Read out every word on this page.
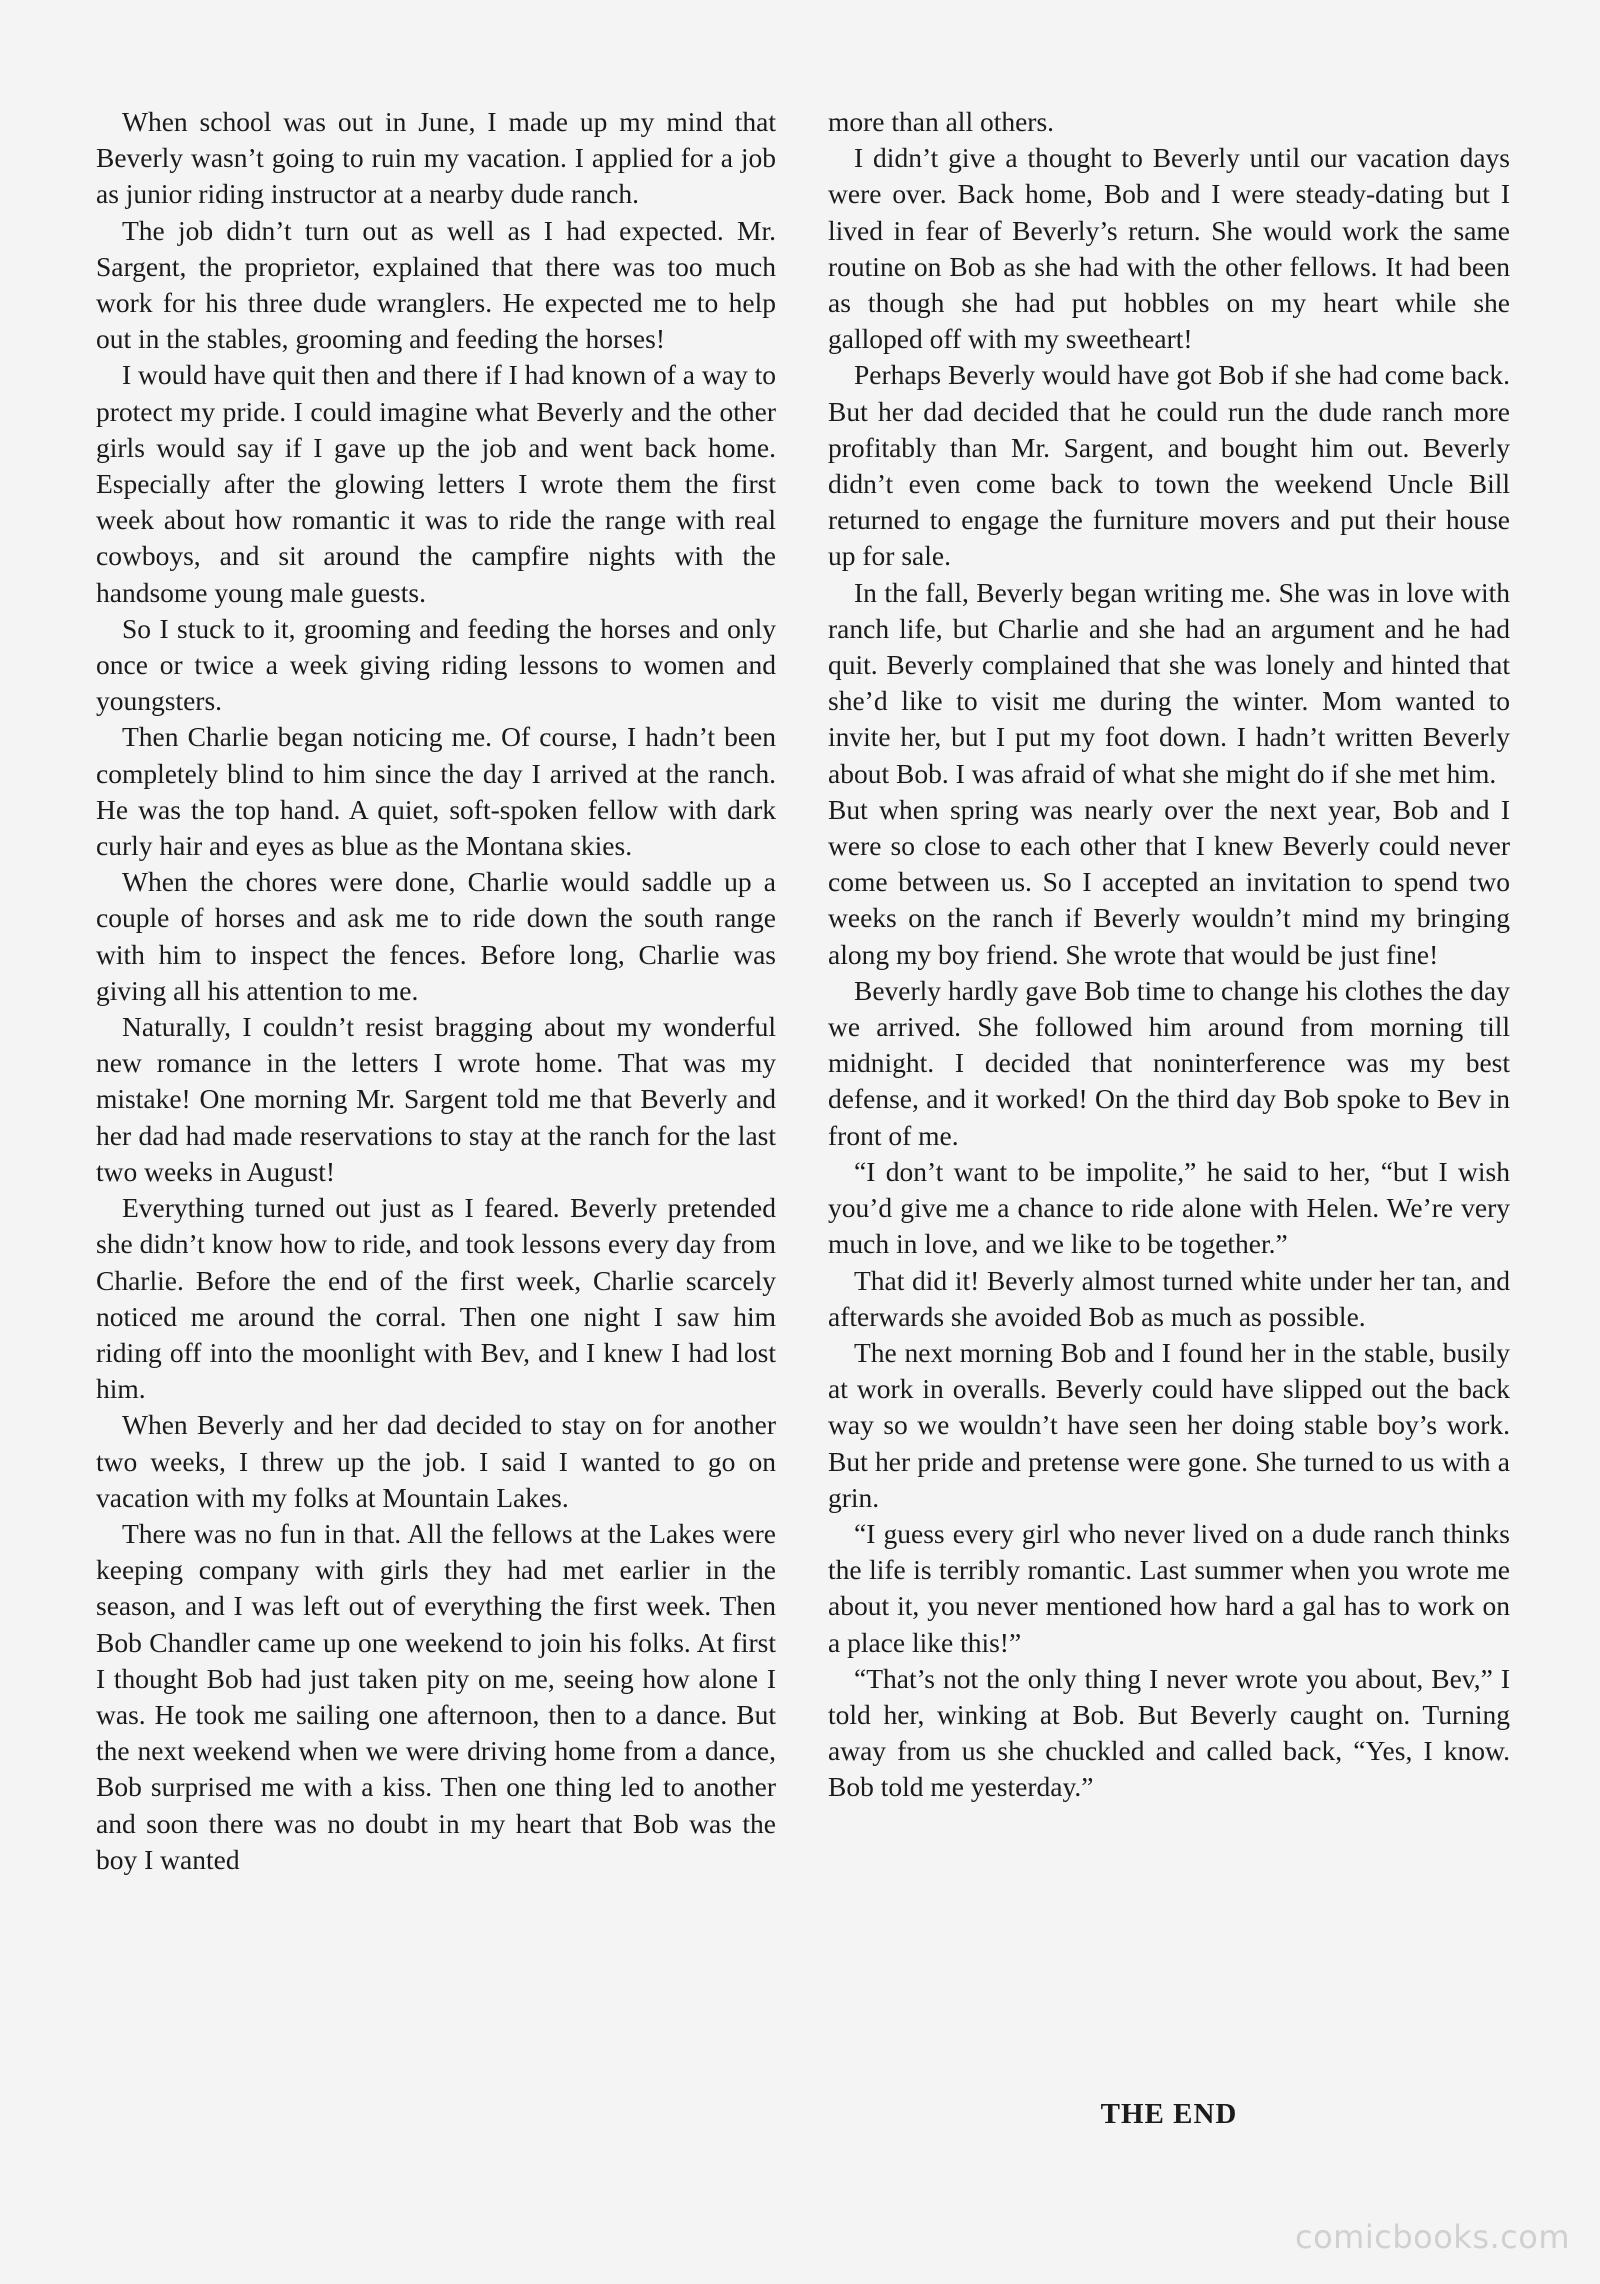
When school was out in June, I made up my mind that Beverly wasn’t going to ruin my vacation. I applied for a job as junior riding instructor at a nearby dude ranch.

The job didn’t turn out as well as I had expected. Mr. Sargent, the proprietor, explained that there was too much work for his three dude wranglers. He expected me to help out in the stables, grooming and feeding the horses!

I would have quit then and there if I had known of a way to protect my pride. I could imagine what Beverly and the other girls would say if I gave up the job and went back home. Especially after the glowing letters I wrote them the first week about how romantic it was to ride the range with real cowboys, and sit around the campfire nights with the handsome young male guests.

So I stuck to it, grooming and feeding the horses and only once or twice a week giving riding lessons to women and youngsters.

Then Charlie began noticing me. Of course, I hadn’t been completely blind to him since the day I arrived at the ranch. He was the top hand. A quiet, soft-spoken fellow with dark curly hair and eyes as blue as the Montana skies.

When the chores were done, Charlie would saddle up a couple of horses and ask me to ride down the south range with him to inspect the fences. Before long, Charlie was giving all his attention to me.

Naturally, I couldn’t resist bragging about my wonderful new romance in the letters I wrote home. That was my mistake! One morning Mr. Sargent told me that Beverly and her dad had made reservations to stay at the ranch for the last two weeks in August!

Everything turned out just as I feared. Beverly pretended she didn’t know how to ride, and took lessons every day from Charlie. Before the end of the first week, Charlie scarcely noticed me around the corral. Then one night I saw him riding off into the moonlight with Bev, and I knew I had lost him.

When Beverly and her dad decided to stay on for another two weeks, I threw up the job. I said I wanted to go on vacation with my folks at Mountain Lakes.

There was no fun in that. All the fellows at the Lakes were keeping company with girls they had met earlier in the season, and I was left out of everything the first week. Then Bob Chandler came up one weekend to join his folks. At first I thought Bob had just taken pity on me, seeing how alone I was. He took me sailing one afternoon, then to a dance. But the next weekend when we were driving home from a dance, Bob surprised me with a kiss. Then one thing led to another and soon there was no doubt in my heart that Bob was the boy I wanted

more than all others.

I didn’t give a thought to Beverly until our vacation days were over. Back home, Bob and I were steady-dating but I lived in fear of Beverly’s return. She would work the same routine on Bob as she had with the other fellows. It had been as though she had put hobbles on my heart while she galloped off with my sweetheart!

Perhaps Beverly would have got Bob if she had come back. But her dad decided that he could run the dude ranch more profitably than Mr. Sargent, and bought him out. Beverly didn’t even come back to town the weekend Uncle Bill returned to engage the furniture movers and put their house up for sale.

In the fall, Beverly began writing me. She was in love with ranch life, but Charlie and she had an argument and he had quit. Beverly complained that she was lonely and hinted that she’d like to visit me during the winter. Mom wanted to invite her, but I put my foot down. I hadn’t written Beverly about Bob. I was afraid of what she might do if she met him.

But when spring was nearly over the next year, Bob and I were so close to each other that I knew Beverly could never come between us. So I accepted an invitation to spend two weeks on the ranch if Beverly wouldn’t mind my bringing along my boy friend. She wrote that would be just fine!

Beverly hardly gave Bob time to change his clothes the day we arrived. She followed him around from morning till midnight. I decided that noninterference was my best defense, and it worked! On the third day Bob spoke to Bev in front of me.

“I don’t want to be impolite,” he said to her, “but I wish you’d give me a chance to ride alone with Helen. We’re very much in love, and we like to be together.”

That did it! Beverly almost turned white under her tan, and afterwards she avoided Bob as much as possible.

The next morning Bob and I found her in the stable, busily at work in overalls. Beverly could have slipped out the back way so we wouldn’t have seen her doing stable boy’s work. But her pride and pretense were gone. She turned to us with a grin.

“I guess every girl who never lived on a dude ranch thinks the life is terribly romantic. Last summer when you wrote me about it, you never mentioned how hard a gal has to work on a place like this!”

“That’s not the only thing I never wrote you about, Bev,” I told her, winking at Bob. But Beverly caught on. Turning away from us she chuckled and called back, “Yes, I know. Bob told me yesterday.”

THE END
comicbooks.com
